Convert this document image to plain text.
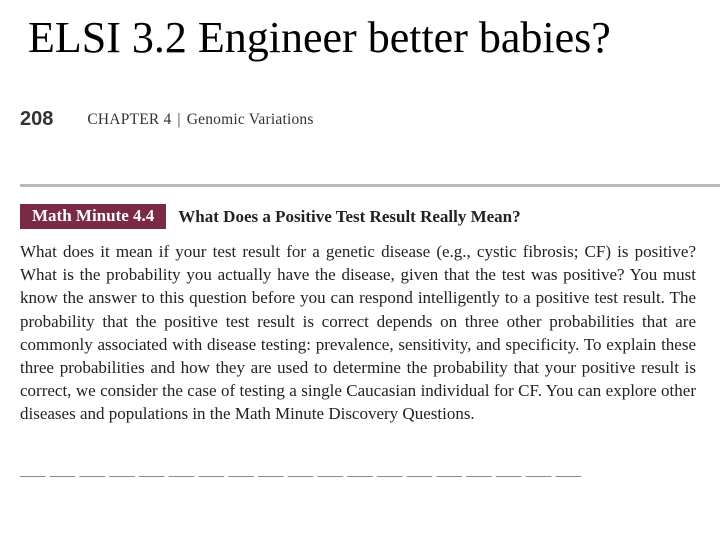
ELSI 3.2 Engineer better babies?
208 CHAPTER 4 | Genomic Variations
Math Minute 4.4 What Does a Positive Test Result Really Mean?

What does it mean if your test result for a genetic disease (e.g., cystic fibrosis; CF) is positive? What is the probability you actually have the disease, given that the test was positive? You must know the answer to this question before you can respond intelligently to a positive test result. The probability that the positive test result is correct depends on three other probabilities that are commonly associated with disease testing: prevalence, sensitivity, and specificity. To explain these three probabilities and how they are used to determine the probability that your positive result is correct, we consider the case of testing a single Caucasian individual for CF. You can explore other diseases and populations in the Math Minute Discovery Questions.

___ ___ ___ ___ ___ ___ ___ ___ ___ ___ ___ ___ ___ ___ ___ ___ ___ ___ ___
